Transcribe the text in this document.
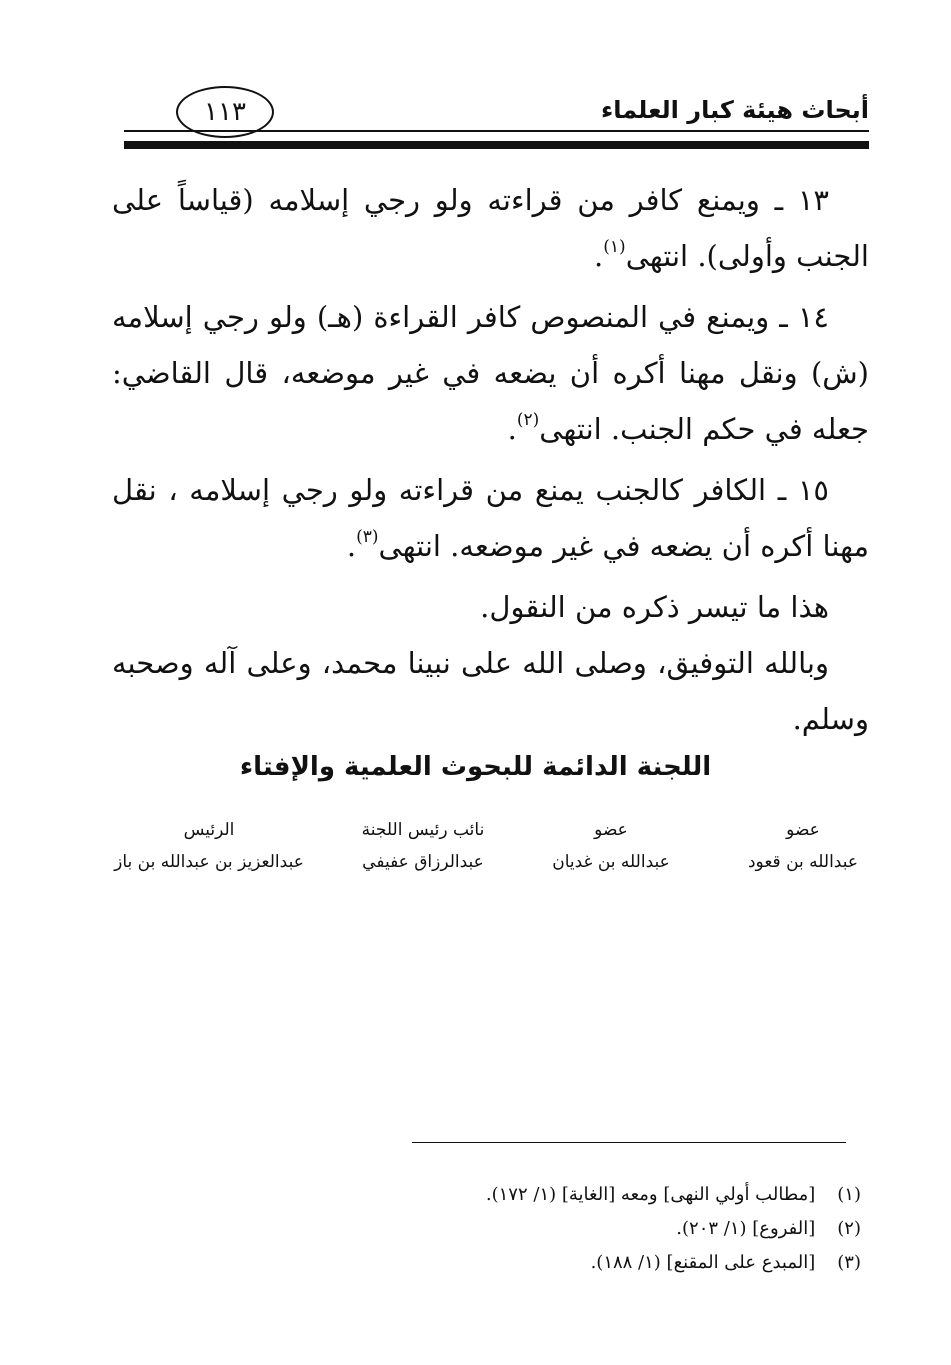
أبحاث هيئة كبار العلماء
١١٣

١٣ ـ ويمنع كافر من قراءته ولو رجي إسلامه (قياساً على الجنب وأولى). انتهى$^{(١)}$.

١٤ ـ ويمنع في المنصوص كافر القراءة (هـ) ولو رجي إسلامه (ش) ونقل مهنا أكره أن يضعه في غير موضعه، قال القاضي: جعله في حكم الجنب. انتهى$^{(٢)}$.

١٥ ـ الكافر كالجنب يمنع من قراءته ولو رجي إسلامه ، نقل مهنا أكره أن يضعه في غير موضعه. انتهى$^{(٣)}$.

هذا ما تيسر ذكره من النقول.

وبالله التوفيق، وصلى الله على نبينا محمد، وعلى آله وصحبه وسلم.

اللجنة الدائمة للبحوث العلمية والإفتاء
عضو
عبدالله بن قعود
عضو
عبدالله بن غديان
نائب رئيس اللجنة
عبدالرزاق عفيفي
الرئيس
عبدالعزيز بن عبدالله بن باز
(١) [مطالب أولي النهى] ومعه [الغاية] (١/ ١٧٢).
(٢) [الفروع] (١/ ٢٠٣).
(٣) [المبدع على المقنع] (١/ ١٨٨).
